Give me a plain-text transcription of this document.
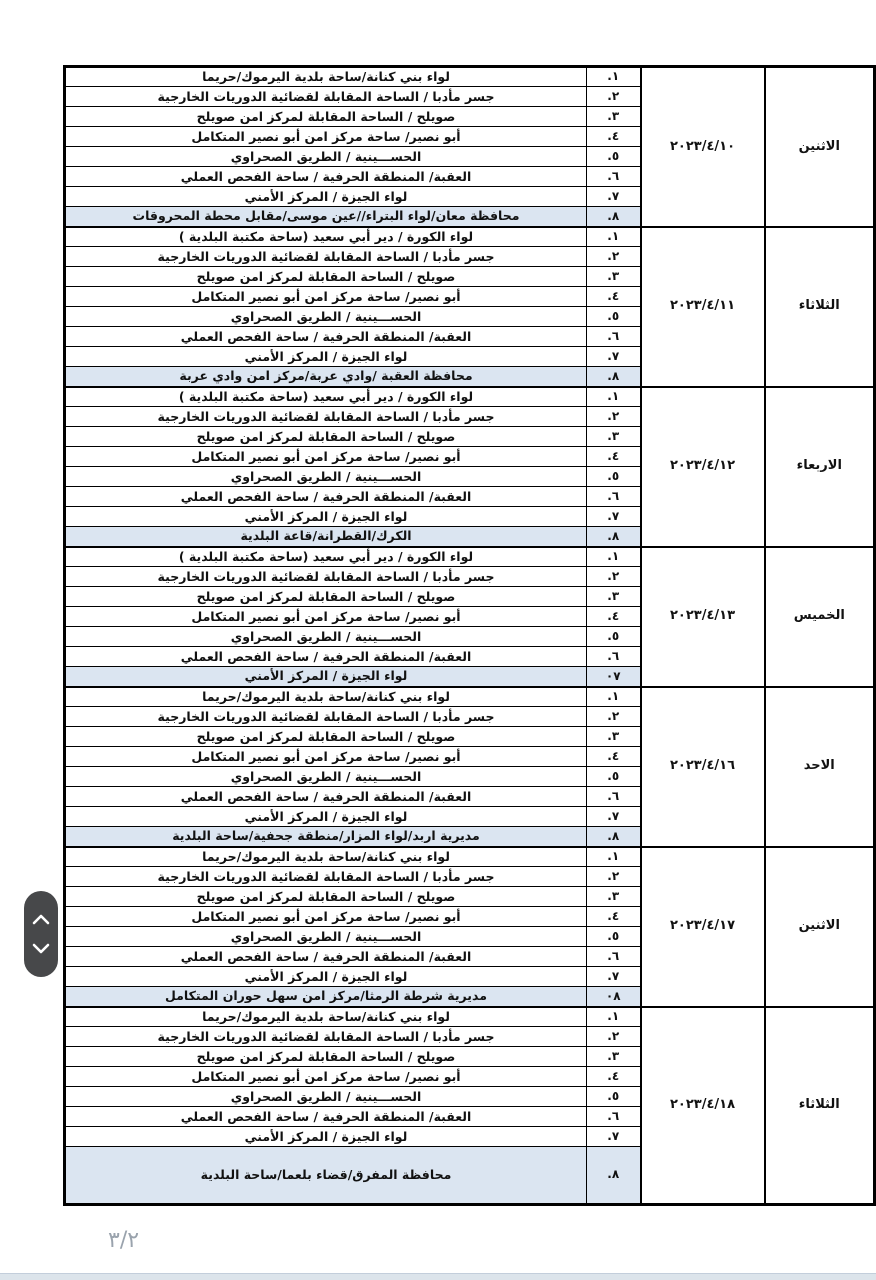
الاثنين	٢٠٢٣/٤/١٠	١.	لواء بني كنانة/ساحة بلدية اليرموك/حريما
		٢.	جسر مأدبا / الساحة المقابلة لقضائية الدوريات الخارجية
		٣.	صويلح / الساحة المقابلة لمركز امن صويلح
		٤.	أبو نصير/ ساحة مركز امن أبو نصير المتكامل
		٥.	الحســـينية / الطريق الصحراوي
		٦.	العقبة/ المنطقة الحرفية / ساحة الفحص العملي
		٧.	لواء الجيزة / المركز الأمني
		٨.	محافظة معان/لواء البتراء//عين موسى/مقابل محطة المحروقات
الثلاثاء	٢٠٢٣/٤/١١	١.	لواء الكورة / دير أبي سعيد (ساحة مكتبة البلدية )
		٢.	جسر مأدبا / الساحة المقابلة لقضائية الدوريات الخارجية
		٣.	صويلح / الساحة المقابلة لمركز امن صويلح
		٤.	أبو نصير/ ساحة مركز امن أبو نصير المتكامل
		٥.	الحســـينية / الطريق الصحراوي
		٦.	العقبة/ المنطقة الحرفية / ساحة الفحص العملي
		٧.	لواء الجيزة / المركز الأمني
		٨.	محافظة العقبة /وادي عربة/مركز امن وادي عربة
الاربعاء	٢٠٢٣/٤/١٢	١.	لواء الكورة / دير أبي سعيد (ساحة مكتبة البلدية )
		٢.	جسر مأدبا / الساحة المقابلة لقضائية الدوريات الخارجية
		٣.	صويلح / الساحة المقابلة لمركز امن صويلح
		٤.	أبو نصير/ ساحة مركز امن أبو نصير المتكامل
		٥.	الحســـينية / الطريق الصحراوي
		٦.	العقبة/ المنطقة الحرفية / ساحة الفحص العملي
		٧.	لواء الجيزة / المركز الأمني
		٨.	الكرك/القطرانة/قاعة البلدية
الخميس	٢٠٢٣/٤/١٣	١.	لواء الكورة / دير أبي سعيد (ساحة مكتبة البلدية )
		٢.	جسر مأدبا / الساحة المقابلة لقضائية الدوريات الخارجية
		٣.	صويلح / الساحة المقابلة لمركز امن صويلح
		٤.	أبو نصير/ ساحة مركز امن أبو نصير المتكامل
		٥.	الحســـينية / الطريق الصحراوي
		٦.	العقبة/ المنطقة الحرفية / ساحة الفحص العملي
		٠٧	لواء الجيزة / المركز الأمني
الاحد	٢٠٢٣/٤/١٦	١.	لواء بني كنانة/ساحة بلدية اليرموك/حريما
		٢.	جسر مأدبا / الساحة المقابلة لقضائية الدوريات الخارجية
		٣.	صويلح / الساحة المقابلة لمركز امن صويلح
		٤.	أبو نصير/ ساحة مركز امن أبو نصير المتكامل
		٥.	الحســـينية / الطريق الصحراوي
		٦.	العقبة/ المنطقة الحرفية / ساحة الفحص العملي
		٧.	لواء الجيزة / المركز الأمني
		٨.	مديرية اربد/لواء المزار/منطقة جحفية/ساحة البلدية
الاثنين	٢٠٢٣/٤/١٧	١.	لواء بني كنانة/ساحة بلدية اليرموك/حريما
		٢.	جسر مأدبا / الساحة المقابلة لقضائية الدوريات الخارجية
		٣.	صويلح / الساحة المقابلة لمركز امن صويلح
		٤.	أبو نصير/ ساحة مركز امن أبو نصير المتكامل
		٥.	الحســـينية / الطريق الصحراوي
		٦.	العقبة/ المنطقة الحرفية / ساحة الفحص العملي
		٧.	لواء الجيزة / المركز الأمني
		٠٨	مديرية شرطة الرمثا/مركز امن سهل حوران المتكامل
الثلاثاء	٢٠٢٣/٤/١٨	١.	لواء بني كنانة/ساحة بلدية اليرموك/حريما
		٢.	جسر مأدبا / الساحة المقابلة لقضائية الدوريات الخارجية
		٣.	صويلح / الساحة المقابلة لمركز امن صويلح
		٤.	أبو نصير/ ساحة مركز امن أبو نصير المتكامل
		٥.	الحســـينية / الطريق الصحراوي
		٦.	العقبة/ المنطقة الحرفية / ساحة الفحص العملي
		٧.	لواء الجيزة / المركز الأمني
		٨.	محافظة المفرق/قضاء بلعما/ساحة البلدية
٣/٢
